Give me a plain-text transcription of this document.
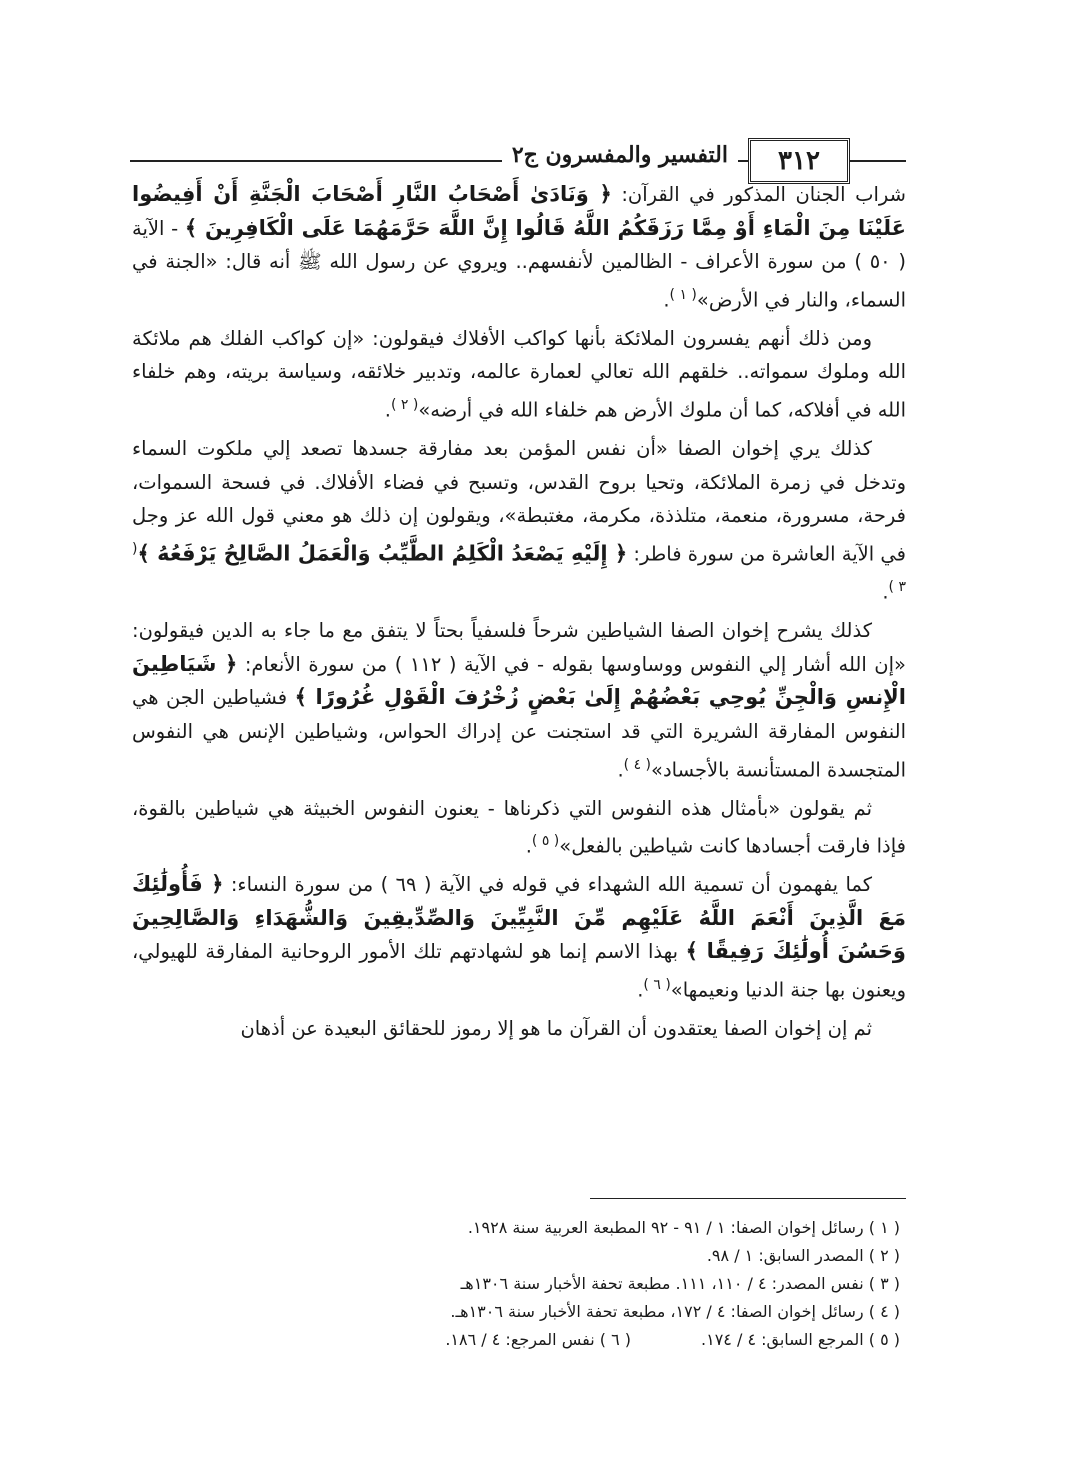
٣١٢
التفسير والمفسرون ج٢

شراب الجنان المذكور في القرآن: ﴿ وَنَادَىٰ أَصْحَابُ النَّارِ أَصْحَابَ الْجَنَّةِ أَنْ أَفِيضُوا عَلَيْنَا مِنَ الْمَاءِ أَوْ مِمَّا رَزَقَكُمُ اللَّهُ قَالُوا إِنَّ اللَّهَ حَرَّمَهُمَا عَلَى الْكَافِرِينَ ﴾ - الآية ( ٥٠ ) من سورة الأعراف - الظالمين لأنفسهم.. ويروي عن رسول الله ﷺ أنه قال: «الجنة في السماء، والنار في الأرض»$^{( ١ )}$.

ومن ذلك أنهم يفسرون الملائكة بأنها كواكب الأفلاك فيقولون: «إن كواكب الفلك هم ملائكة الله وملوك سمواته.. خلقهم الله تعالي لعمارة عالمه، وتدبير خلائقه، وسياسة بريته، وهم خلفاء الله في أفلاكه، كما أن ملوك الأرض هم خلفاء الله في أرضه»$^{( ٢ )}$.

كذلك يري إخوان الصفا «أن نفس المؤمن بعد مفارقة جسدها تصعد إلي ملكوت السماء وتدخل في زمرة الملائكة، وتحيا بروح القدس، وتسبح في فضاء الأفلاك. في فسحة السموات، فرحة، مسرورة، منعمة، متلذذة، مكرمة، مغتبطة»، ويقولون إن ذلك هو معني قول الله عز وجل في الآية العاشرة من سورة فاطر: ﴿ إِلَيْهِ يَصْعَدُ الْكَلِمُ الطَّيِّبُ وَالْعَمَلُ الصَّالِحُ يَرْفَعُهُ ﴾$^{( ٣ )}$.

كذلك يشرح إخوان الصفا الشياطين شرحاً فلسفياً بحتاً لا يتفق مع ما جاء به الدين فيقولون: «إن الله أشار إلي النفوس ووساوسها بقوله - في الآية ( ١١٢ ) من سورة الأنعام: ﴿ شَيَاطِينَ الْإِنسِ وَالْجِنِّ يُوحِي بَعْضُهُمْ إِلَىٰ بَعْضٍ زُخْرُفَ الْقَوْلِ غُرُورًا ﴾ فشياطين الجن هي النفوس المفارقة الشريرة التي قد استجنت عن إدراك الحواس، وشياطين الإنس هي النفوس المتجسدة المستأنسة بالأجساد»$^{( ٤ )}$.

ثم يقولون «بأمثال هذه النفوس التي ذكرناها - يعنون النفوس الخبيثة هي شياطين بالقوة، فإذا فارقت أجسادها كانت شياطين بالفعل»$^{( ٥ )}$.

كما يفهمون أن تسمية الله الشهداء في قوله في الآية ( ٦٩ ) من سورة النساء: ﴿ فَأُولَٰئِكَ مَعَ الَّذِينَ أَنْعَمَ اللَّهُ عَلَيْهِم مِّنَ النَّبِيِّينَ وَالصِّدِّيقِينَ وَالشُّهَدَاءِ وَالصَّالِحِينَ وَحَسُنَ أُولَٰئِكَ رَفِيقًا ﴾ بهذا الاسم إنما هو لشهادتهم تلك الأمور الروحانية المفارقة للهيولي، ويعنون بها جنة الدنيا ونعيمها»$^{( ٦ )}$.

ثم إن إخوان الصفا يعتقدون أن القرآن ما هو إلا رموز للحقائق البعيدة عن أذهان

( ١ ) رسائل إخوان الصفا: ١ / ٩١ - ٩٢ المطبعة العربية سنة ١٩٢٨.

( ٢ ) المصدر السابق: ١ / ٩٨.

( ٣ ) نفس المصدر: ٤ / ١١٠، ١١١. مطبعة تحفة الأخبار سنة ١٣٠٦هـ

( ٤ ) رسائل إخوان الصفا: ٤ / ١٧٢، مطبعة تحفة الأخبار سنة ١٣٠٦هـ.

( ٥ ) المرجع السابق: ٤ / ١٧٤.
( ٦ ) نفس المرجع: ٤ / ١٨٦.
